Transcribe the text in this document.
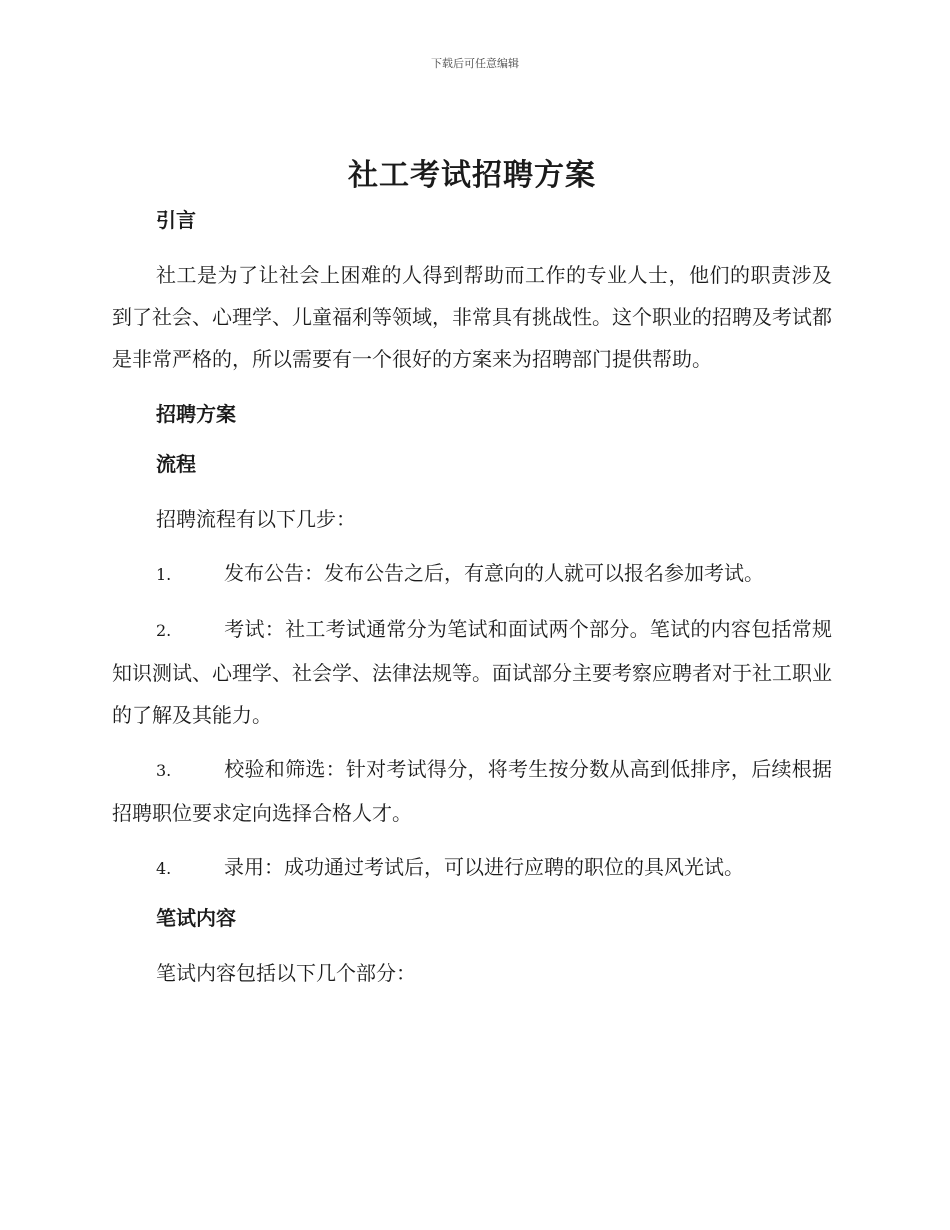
下载后可任意编辑
社工考试招聘方案

引言

社工是为了让社会上困难的人得到帮助而工作的专业人士，他们的职责涉及到了社会、心理学、儿童福利等领域，非常具有挑战性。这个职业的招聘及考试都是非常严格的，所以需要有一个很好的方案来为招聘部门提供帮助。

招聘方案

流程

招聘流程有以下几步：

1.	发布公告：发布公告之后，有意向的人就可以报名参加考试。

2.	考试：社工考试通常分为笔试和面试两个部分。笔试的内容包括常规知识测试、心理学、社会学、法律法规等。面试部分主要考察应聘者对于社工职业的了解及其能力。

3.	校验和筛选：针对考试得分，将考生按分数从高到低排序，后续根据招聘职位要求定向选择合格人才。

4.	录用：成功通过考试后，可以进行应聘的职位的具风光试。

笔试内容

笔试内容包括以下几个部分：
